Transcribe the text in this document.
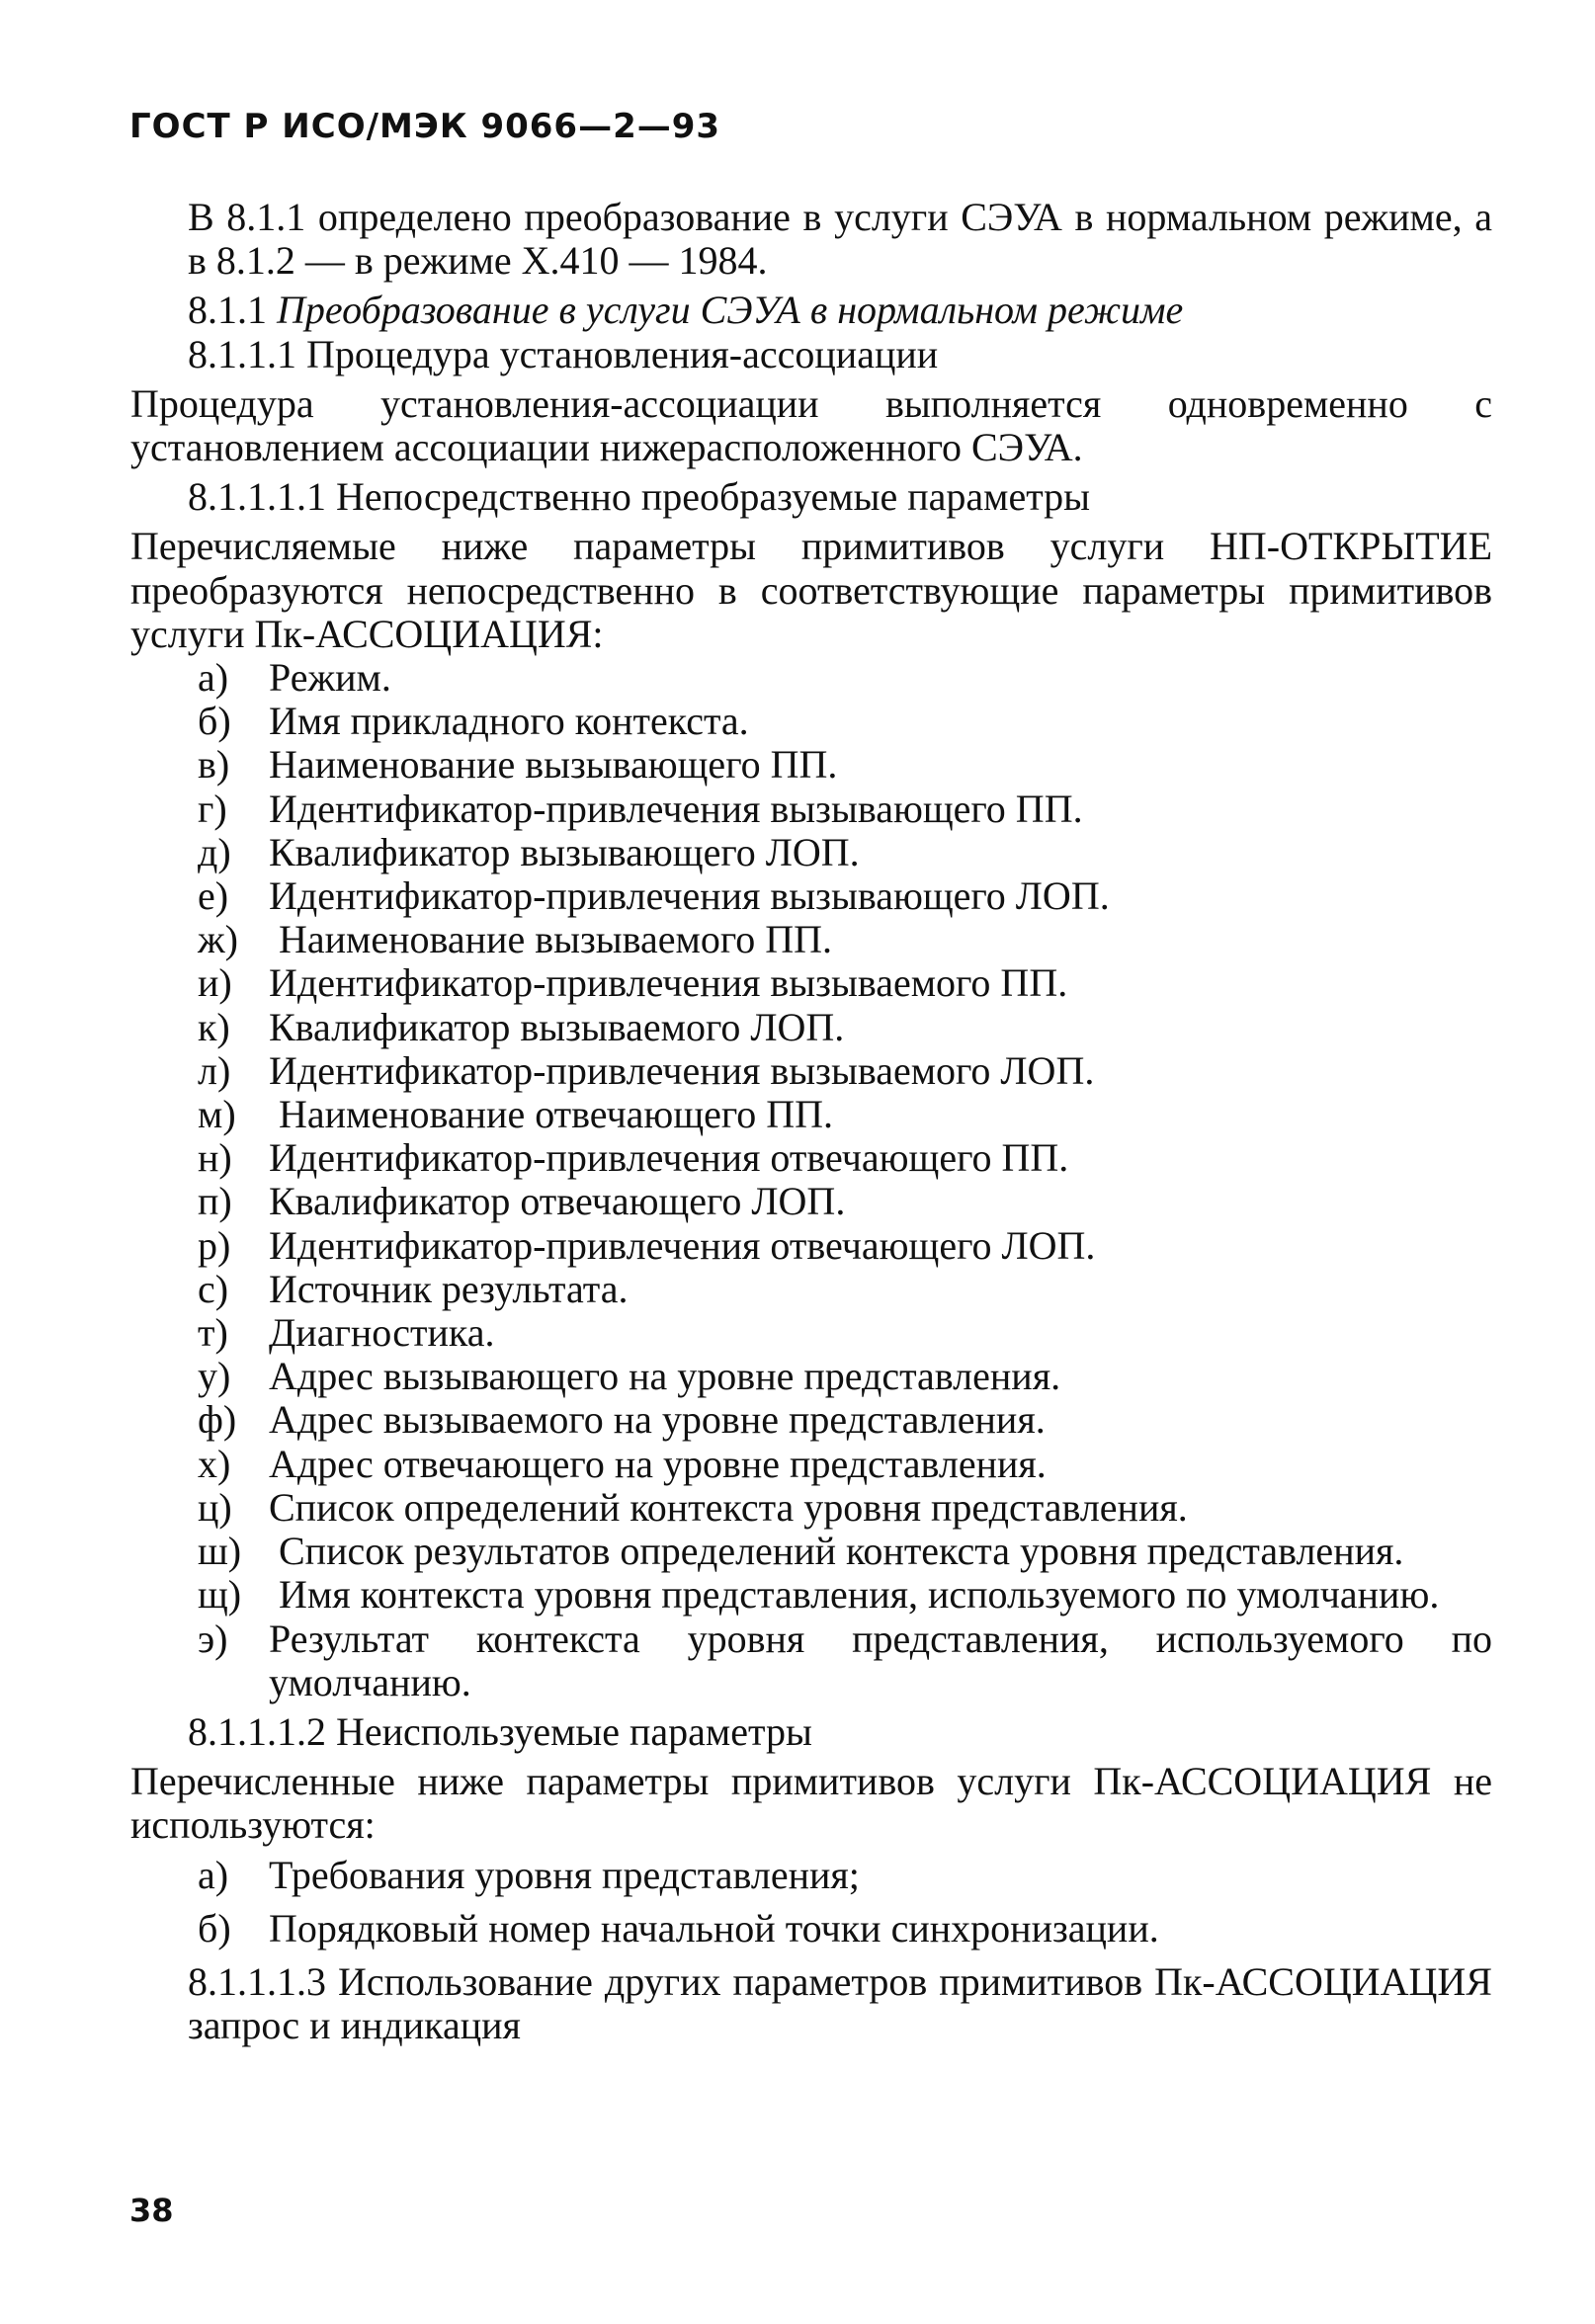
ГОСТ Р ИСО/МЭК 9066—2—93

В 8.1.1 определено преобразование в услуги СЭУА в нормальном режиме, а в 8.1.2 — в режиме Х.410 — 1984.

8.1.1 Преобразование в услуги СЭУА в нормальном режиме

8.1.1.1 Процедура установления-ассоциации

Процедура установления-ассоциации выполняется одновременно с установлением ассоциации нижерасположенного СЭУА.

8.1.1.1.1 Непосредственно преобразуемые параметры

Перечисляемые ниже параметры примитивов услуги НП-ОТКРЫТИЕ преобразуются непосредственно в соответствующие параметры примитивов услуги Пк-АССОЦИАЦИЯ:

а) Режим.
б) Имя прикладного контекста.
в) Наименование вызывающего ПП.
г) Идентификатор-привлечения вызывающего ПП.
д) Квалификатор вызывающего ЛОП.
е) Идентификатор-привлечения вызывающего ЛОП.
ж) Наименование вызываемого ПП.
и) Идентификатор-привлечения вызываемого ПП.
к) Квалификатор вызываемого ЛОП.
л) Идентификатор-привлечения вызываемого ЛОП.
м) Наименование отвечающего ПП.
н) Идентификатор-привлечения отвечающего ПП.
п) Квалификатор отвечающего ЛОП.
р) Идентификатор-привлечения отвечающего ЛОП.
с) Источник результата.
т) Диагностика.
у) Адрес вызывающего на уровне представления.
ф) Адрес вызываемого на уровне представления.
х) Адрес отвечающего на уровне представления.
ц) Список определений контекста уровня представления.
ш) Список результатов определений контекста уровня представления.
щ) Имя контекста уровня представления, используемого по умолчанию.
э) Результат контекста уровня представления, используемого по умолчанию.

8.1.1.1.2 Неиспользуемые параметры

Перечисленные ниже параметры примитивов услуги Пк-АССОЦИАЦИЯ не используются:

а) Требования уровня представления;
б) Порядковый номер начальной точки синхронизации.

8.1.1.1.3 Использование других параметров примитивов Пк-АССОЦИАЦИЯ запрос и индикация

38
